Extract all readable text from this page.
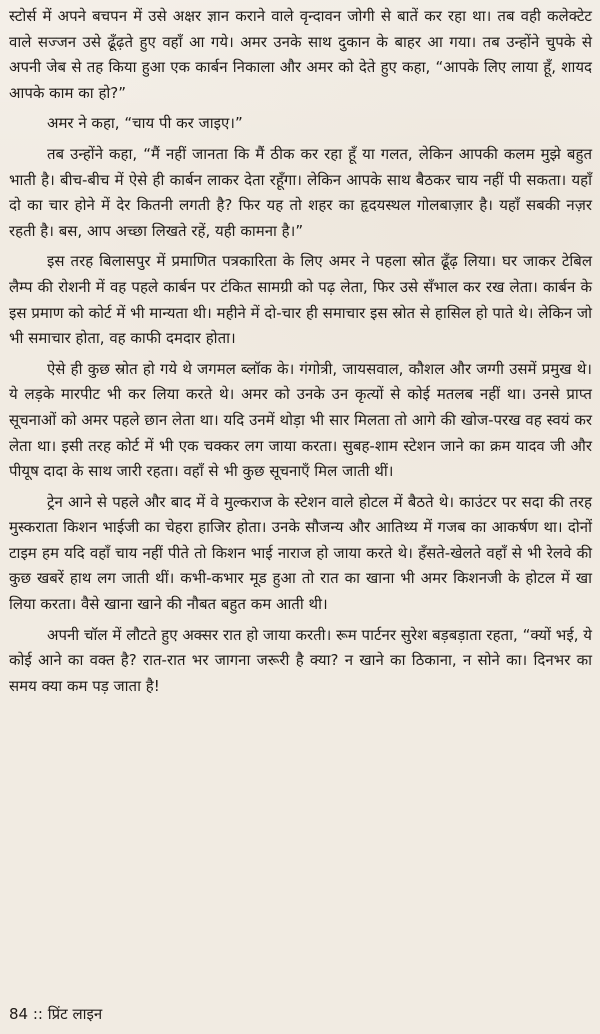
स्टोर्स में अपने बचपन में उसे अक्षर ज्ञान कराने वाले वृन्दावन जोगी से बातें कर रहा था। तब वही कलेक्टेट वाले सज्जन उसे ढूँढ़ते हुए वहाँ आ गये। अमर उनके साथ दुकान के बाहर आ गया। तब उन्होंने चुपके से अपनी जेब से तह किया हुआ एक कार्बन निकाला और अमर को देते हुए कहा, “आपके लिए लाया हूँ, शायद आपके काम का हो?”

अमर ने कहा, “चाय पी कर जाइए।”

तब उन्होंने कहा, “मैं नहीं जानता कि मैं ठीक कर रहा हूँ या गलत, लेकिन आपकी कलम मुझे बहुत भाती है। बीच-बीच में ऐसे ही कार्बन लाकर देता रहूँगा। लेकिन आपके साथ बैठकर चाय नहीं पी सकता। यहाँ दो का चार होने में देर कितनी लगती है? फिर यह तो शहर का हृदयस्थल गोलबाज़ार है। यहाँ सबकी नज़र रहती है। बस, आप अच्छा लिखते रहें, यही कामना है।”

इस तरह बिलासपुर में प्रमाणित पत्रकारिता के लिए अमर ने पहला स्रोत ढूँढ़ लिया। घर जाकर टेबिल लैम्प की रोशनी में वह पहले कार्बन पर टंकित सामग्री को पढ़ लेता, फिर उसे सँभाल कर रख लेता। कार्बन के इस प्रमाण को कोर्ट में भी मान्यता थी। महीने में दो-चार ही समाचार इस स्रोत से हासिल हो पाते थे। लेकिन जो भी समाचार होता, वह काफी दमदार होता।

ऐसे ही कुछ स्रोत हो गये थे जगमल ब्लॉक के। गंगोत्री, जायसवाल, कौशल और जग्गी उसमें प्रमुख थे। ये लड़के मारपीट भी कर लिया करते थे। अमर को उनके उन कृत्यों से कोई मतलब नहीं था। उनसे प्राप्त सूचनाओं को अमर पहले छान लेता था। यदि उनमें थोड़ा भी सार मिलता तो आगे की खोज-परख वह स्वयं कर लेता था। इसी तरह कोर्ट में भी एक चक्कर लग जाया करता। सुबह-शाम स्टेशन जाने का क्रम यादव जी और पीयूष दादा के साथ जारी रहता। वहाँ से भी कुछ सूचनाएँ मिल जाती थीं।

ट्रेन आने से पहले और बाद में वे मुल्कराज के स्टेशन वाले होटल में बैठते थे। काउंटर पर सदा की तरह मुस्कराता किशन भाईजी का चेहरा हाजिर होता। उनके सौजन्य और आतिथ्य में गजब का आकर्षण था। दोनों टाइम हम यदि वहाँ चाय नहीं पीते तो किशन भाई नाराज हो जाया करते थे। हँसते-खेलते वहाँ से भी रेलवे की कुछ खबरें हाथ लग जाती थीं। कभी-कभार मूड हुआ तो रात का खाना भी अमर किशनजी के होटल में खा लिया करता। वैसे खाना खाने की नौबत बहुत कम आती थी।

अपनी चॉल में लौटते हुए अक्सर रात हो जाया करती। रूम पार्टनर सुरेश बड़बड़ाता रहता, “क्यों भई, ये कोई आने का वक्त है? रात-रात भर जागना जरूरी है क्या? न खाने का ठिकाना, न सोने का। दिनभर का समय क्या कम पड़ जाता है!

84 :: प्रिंट लाइन
